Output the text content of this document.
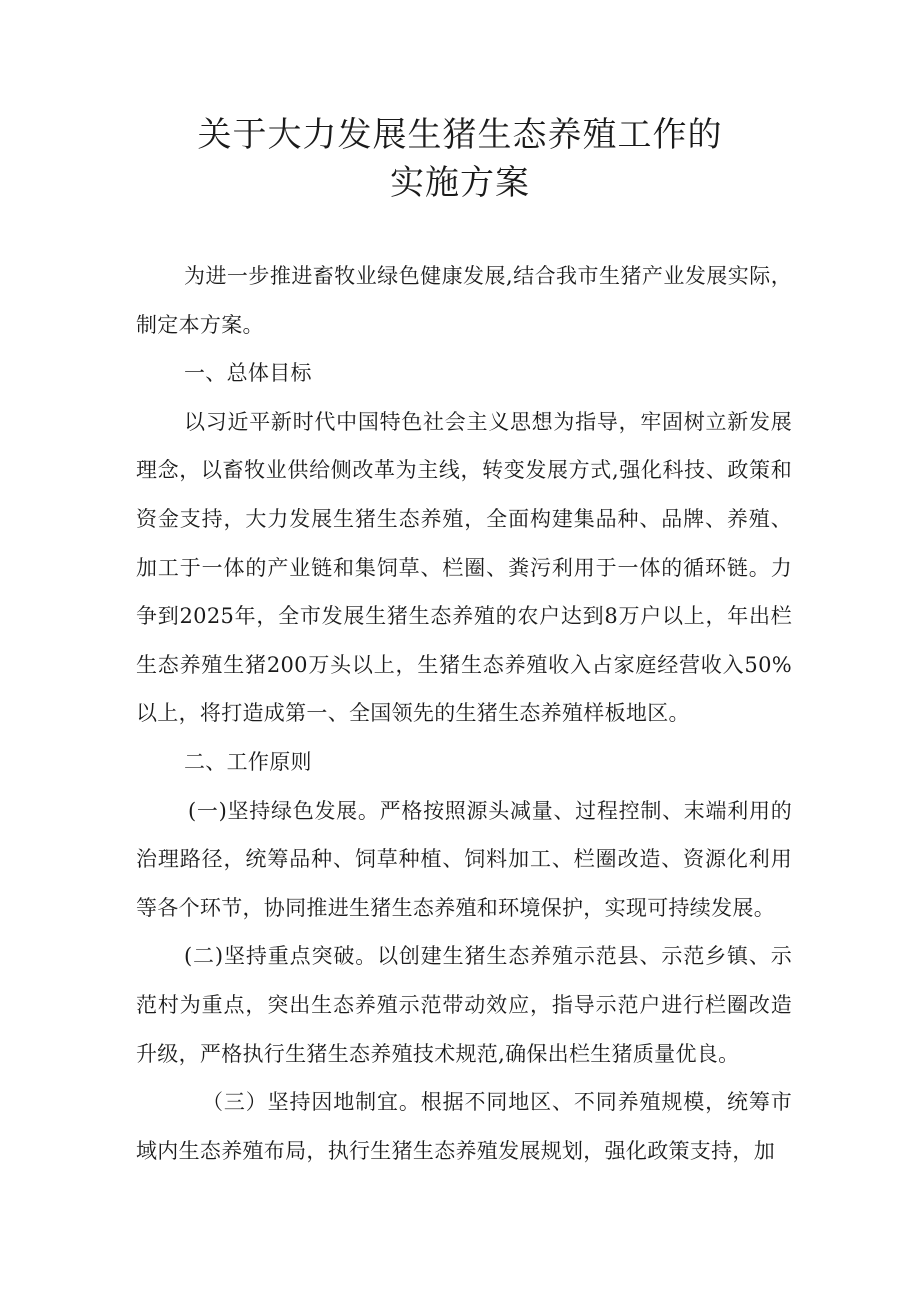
关于大力发展生猪生态养殖工作的
实施方案

为进一步推进畜牧业绿色健康发展,结合我市生猪产业发展实际，制定本方案。

一、总体目标

以习近平新时代中国特色社会主义思想为指导，牢固树立新发展理念，以畜牧业供给侧改革为主线，转变发展方式,强化科技、政策和资金支持，大力发展生猪生态养殖，全面构建集品种、品牌、养殖、加工于一体的产业链和集饲草、栏圈、粪污利用于一体的循环链。力争到2025年，全市发展生猪生态养殖的农户达到8万户以上，年出栏生态养殖生猪200万头以上，生猪生态养殖收入占家庭经营收入50%以上，将打造成第一、全国领先的生猪生态养殖样板地区。

二、工作原则

(一)坚持绿色发展。严格按照源头减量、过程控制、末端利用的治理路径，统筹品种、饲草种植、饲料加工、栏圈改造、资源化利用等各个环节，协同推进生猪生态养殖和环境保护，实现可持续发展。

(二)坚持重点突破。以创建生猪生态养殖示范县、示范乡镇、示范村为重点，突出生态养殖示范带动效应，指导示范户进行栏圈改造升级，严格执行生猪生态养殖技术规范,确保出栏生猪质量优良。

（三）坚持因地制宜。根据不同地区、不同养殖规模，统筹市域内生态养殖布局，执行生猪生态养殖发展规划，强化政策支持，加
